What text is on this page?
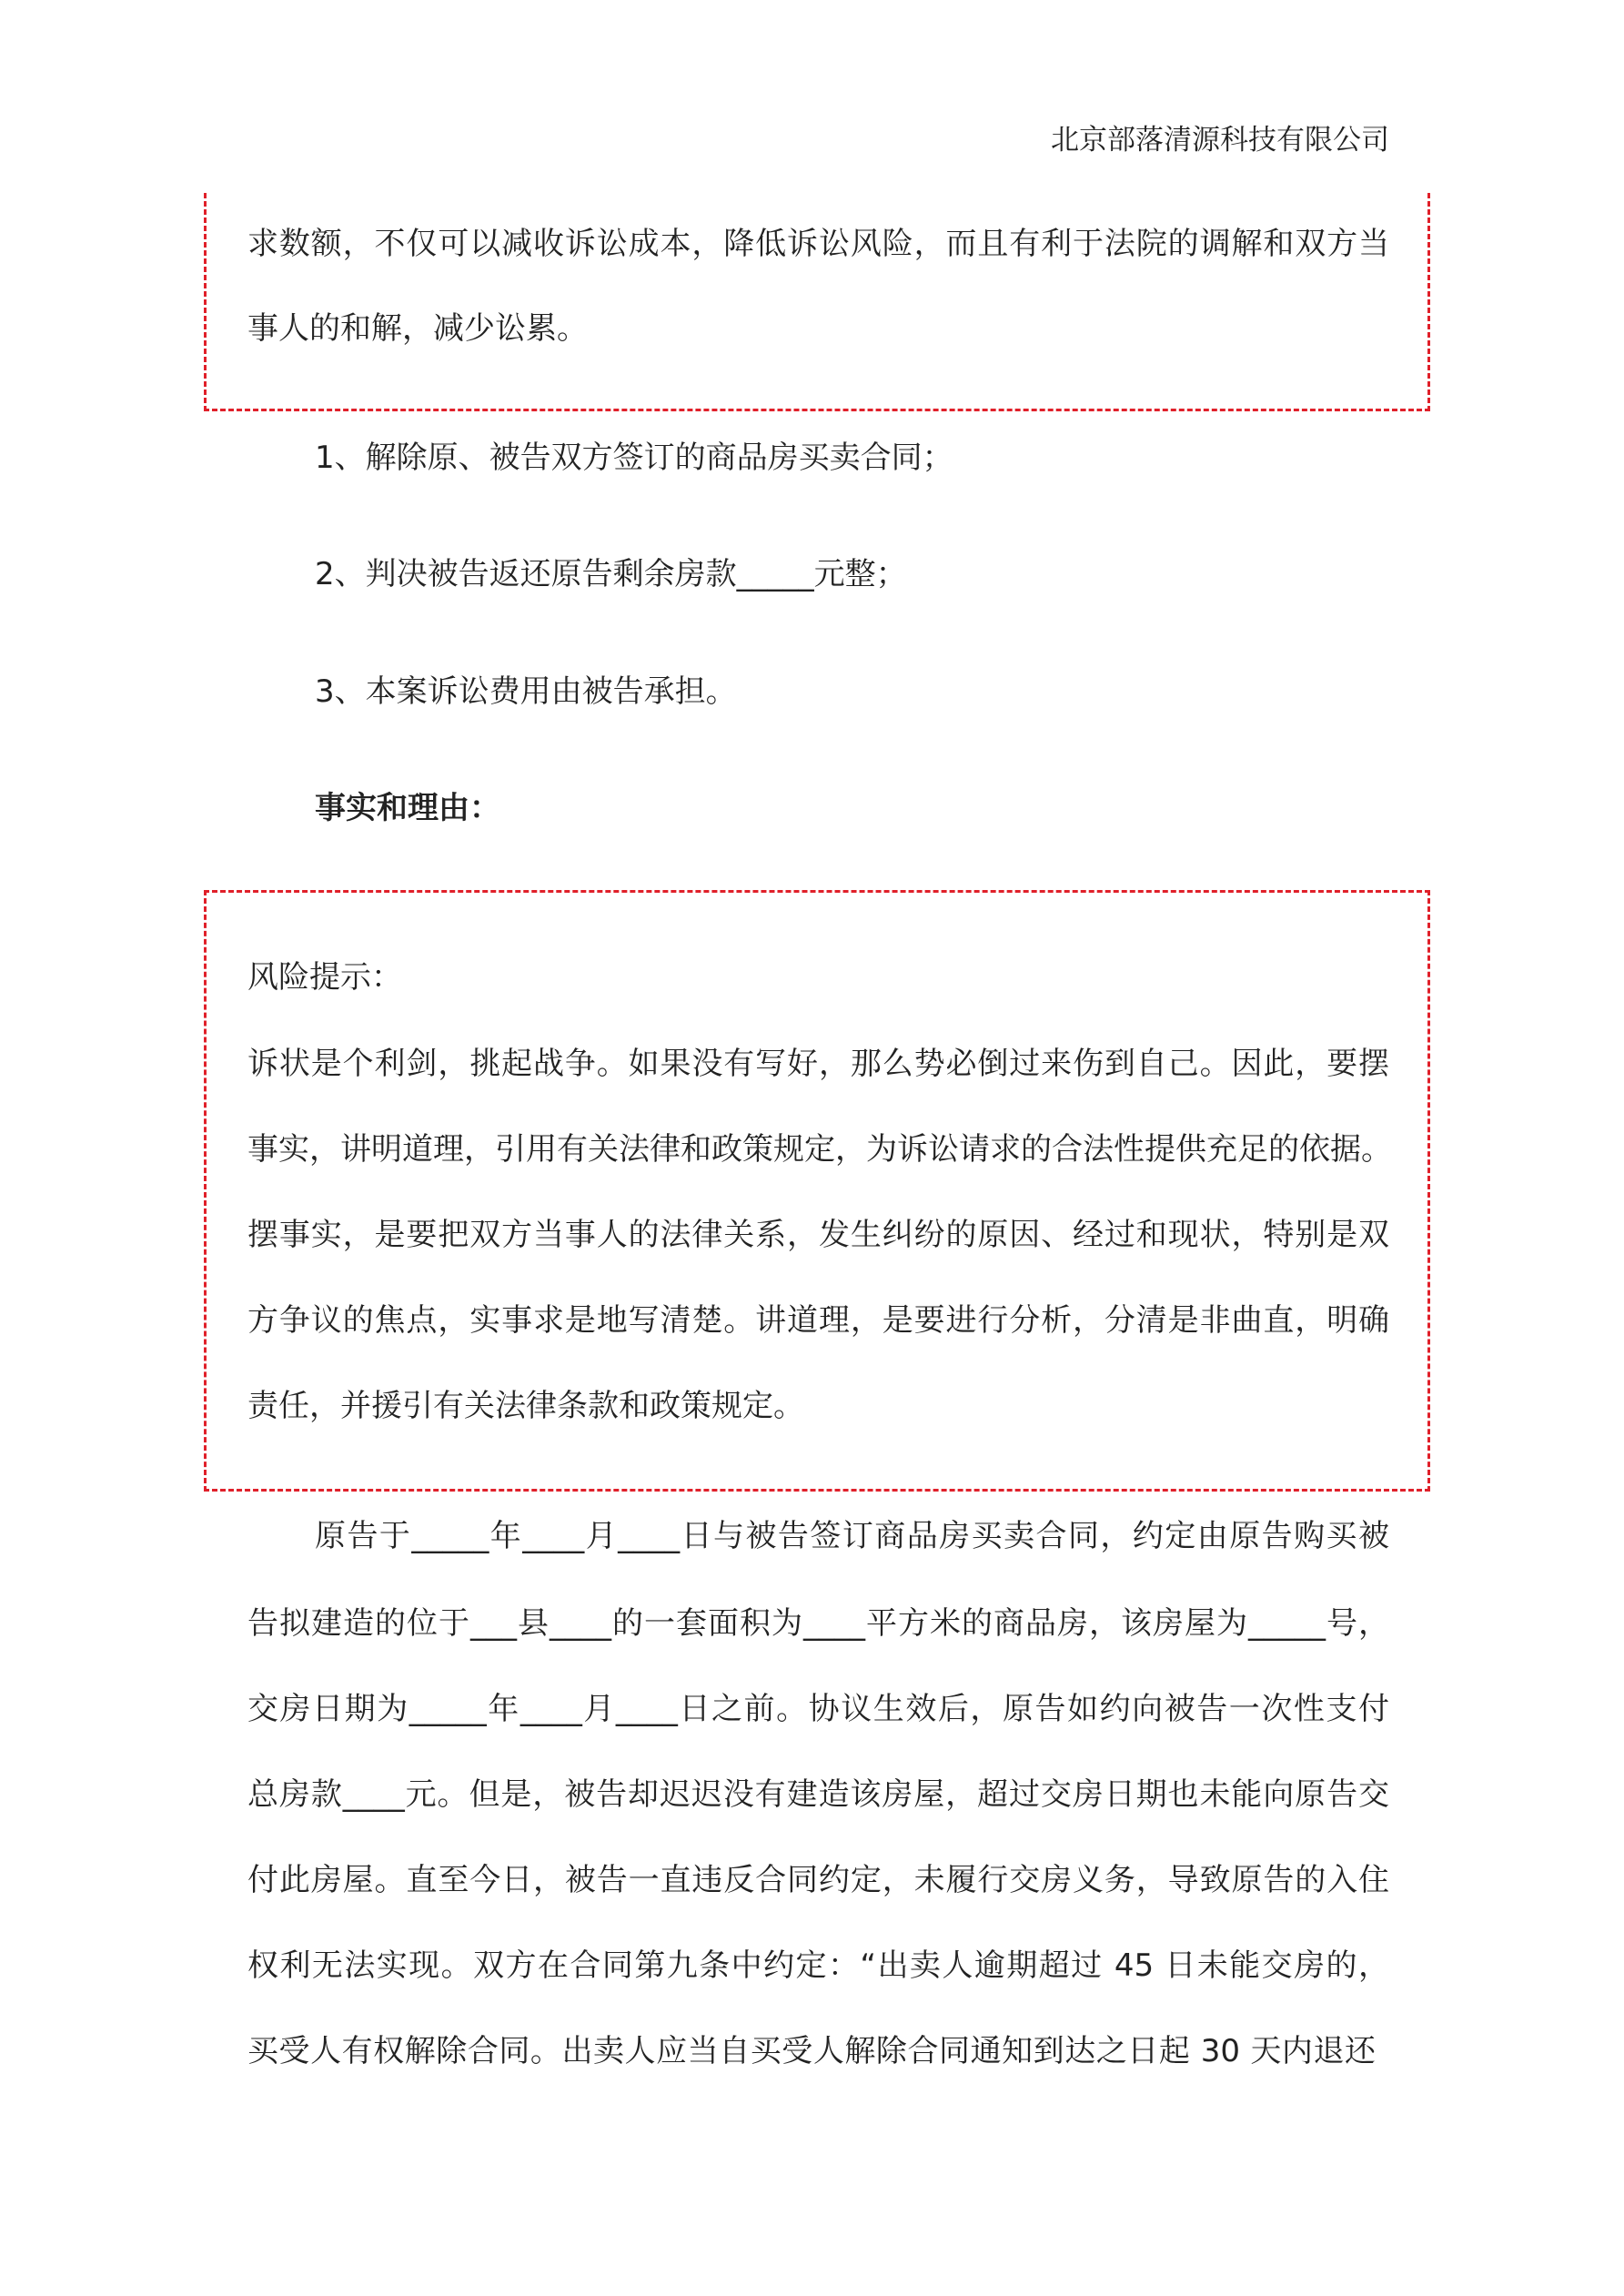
北京部落清源科技有限公司
求数额，不仅可以减收诉讼成本，降低诉讼风险，而且有利于法院的调解和双方当
事人的和解，减少讼累。
1、解除原、被告双方签订的商品房买卖合同；
2、判决被告返还原告剩余房款_____元整；
3、本案诉讼费用由被告承担。
事实和理由：
风险提示：
诉状是个利剑，挑起战争。如果没有写好，那么势必倒过来伤到自己。因此，要摆
事实，讲明道理，引用有关法律和政策规定，为诉讼请求的合法性提供充足的依据。
摆事实，是要把双方当事人的法律关系，发生纠纷的原因、经过和现状，特别是双
方争议的焦点，实事求是地写清楚。讲道理，是要进行分析，分清是非曲直，明确
责任，并援引有关法律条款和政策规定。
原告于_____年____月____日与被告签订商品房买卖合同，约定由原告购买被
告拟建造的位于___县____的一套面积为____平方米的商品房，该房屋为_____号，
交房日期为_____年____月____日之前。协议生效后，原告如约向被告一次性支付
总房款____元。但是，被告却迟迟没有建造该房屋，超过交房日期也未能向原告交
付此房屋。直至今日，被告一直违反合同约定，未履行交房义务，导致原告的入住
权利无法实现。双方在合同第九条中约定：“出卖人逾期超过 45 日未能交房的，
买受人有权解除合同。出卖人应当自买受人解除合同通知到达之日起 30 天内退还
